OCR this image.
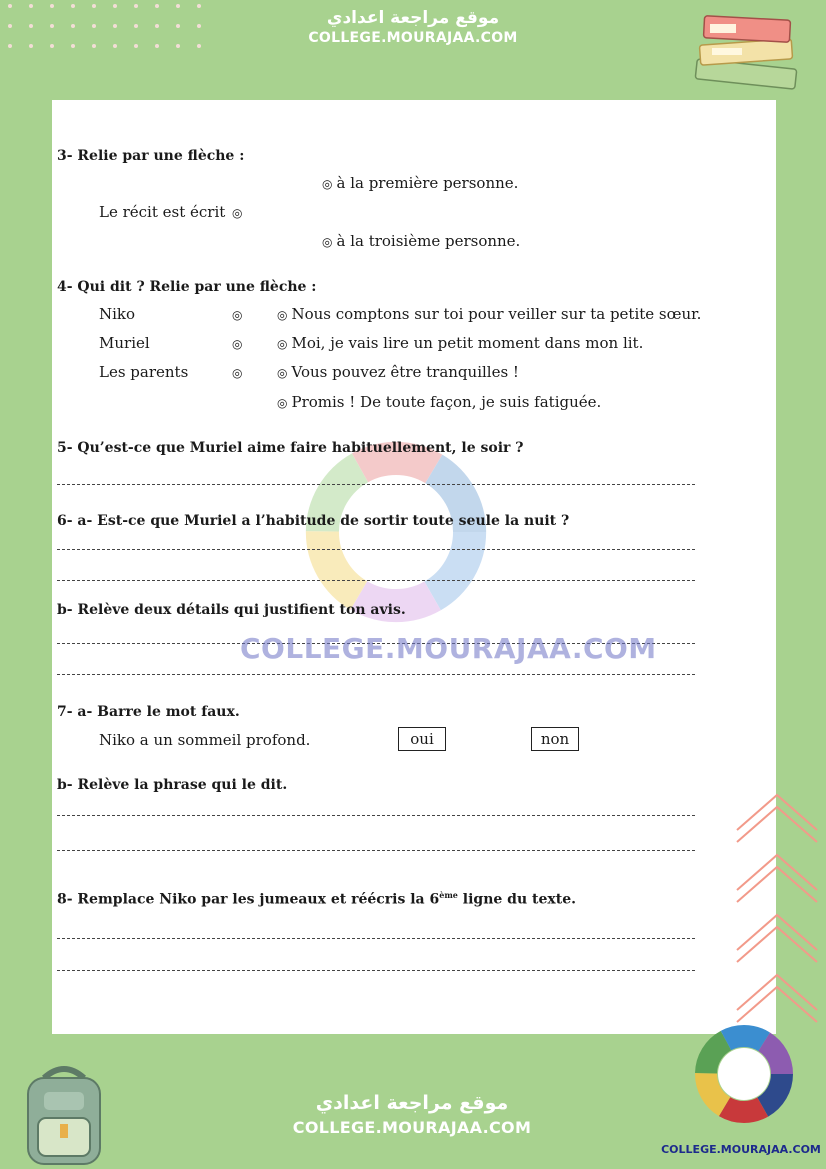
موقع مراجعة اعدادي
COLLEGE.MOURAJAA.COM
3- Relie par une flèche :
◎ à la première personne.
Le récit est écrit ◎
◎ à la troisième personne.
4- Qui dit ? Relie par une flèche :
Niko	◎	◎ Nous comptons sur toi pour veiller sur ta petite sœur.
Muriel	◎	◎ Moi, je vais lire un petit moment dans mon lit.
Les parents	◎	◎ Vous pouvez être tranquilles !
◎ Promis ! De toute façon, je suis fatiguée.
5- Qu’est-ce que Muriel aime faire habituellement, le soir ?
6- a- Est-ce que Muriel a l’habitude de sortir toute seule la nuit ?
b- Relève deux détails qui justifient ton avis.
COLLEGE.MOURAJAA.COM
7- a- Barre le mot faux.
Niko a un sommeil profond.	oui	non
b- Relève la phrase qui le dit.
8- Remplace Niko par les jumeaux et réécris la 6ème ligne du texte.
موقع مراجعة اعدادي
COLLEGE.MOURAJAA.COM
COLLEGE.MOURAJAA.COM
